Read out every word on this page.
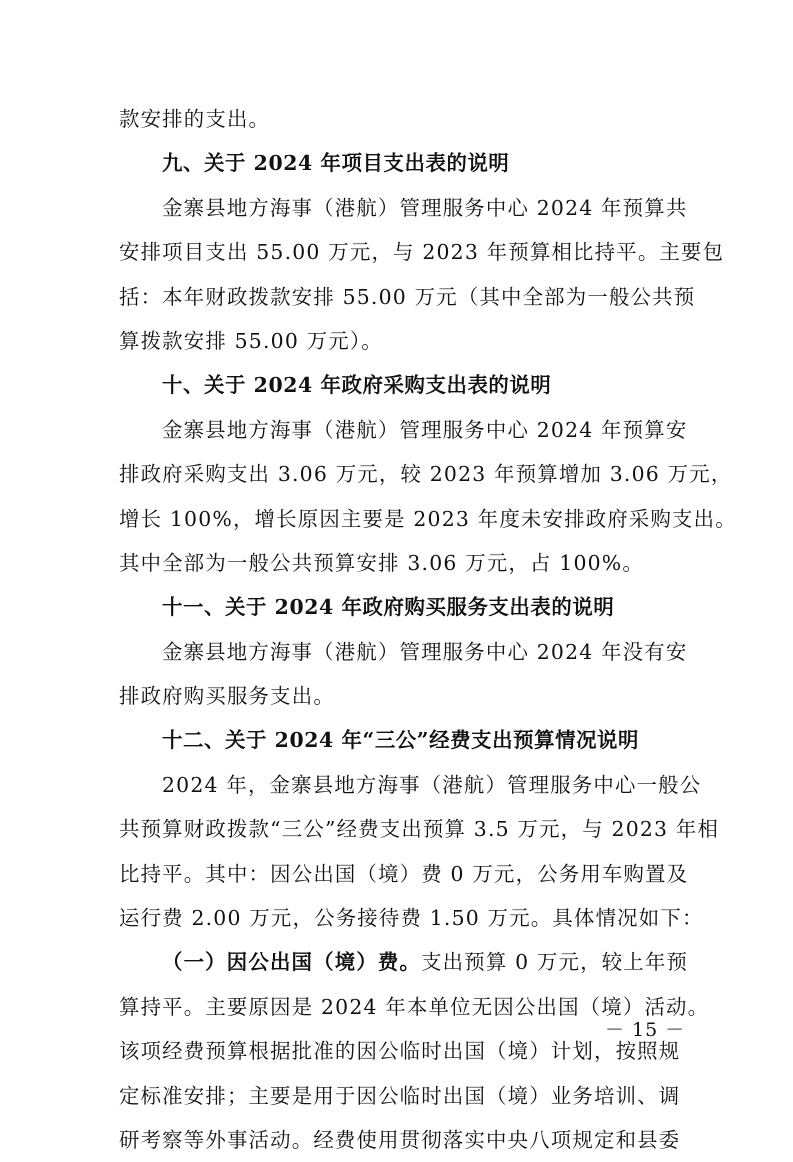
款安排的支出。
九、关于 2024 年项目支出表的说明
金寨县地方海事（港航）管理服务中心 2024 年预算共
安排项目支出 55.00 万元，与 2023 年预算相比持平。主要包
括：本年财政拨款安排 55.00 万元（其中全部为一般公共预
算拨款安排 55.00 万元）。
十、关于 2024 年政府采购支出表的说明
金寨县地方海事（港航）管理服务中心 2024 年预算安
排政府采购支出 3.06 万元，较 2023 年预算增加 3.06 万元，
增长 100%，增长原因主要是 2023 年度未安排政府采购支出。
其中全部为一般公共预算安排 3.06 万元，占 100%。
十一、关于 2024 年政府购买服务支出表的说明
金寨县地方海事（港航）管理服务中心 2024 年没有安
排政府购买服务支出。
十二、关于 2024 年“三公”经费支出预算情况说明
2024 年，金寨县地方海事（港航）管理服务中心一般公
共预算财政拨款“三公”经费支出预算 3.5 万元，与 2023 年相
比持平。其中：因公出国（境）费 0 万元，公务用车购置及
运行费 2.00 万元，公务接待费 1.50 万元。具体情况如下：
（一）因公出国（境）费。支出预算 0 万元，较上年预
算持平。主要原因是 2024 年本单位无因公出国（境）活动。
该项经费预算根据批准的因公临时出国（境）计划，按照规
定标准安排；主要是用于因公临时出国（境）业务培训、调
研考察等外事活动。经费使用贯彻落实中央八项规定和县委
－ 15 －
